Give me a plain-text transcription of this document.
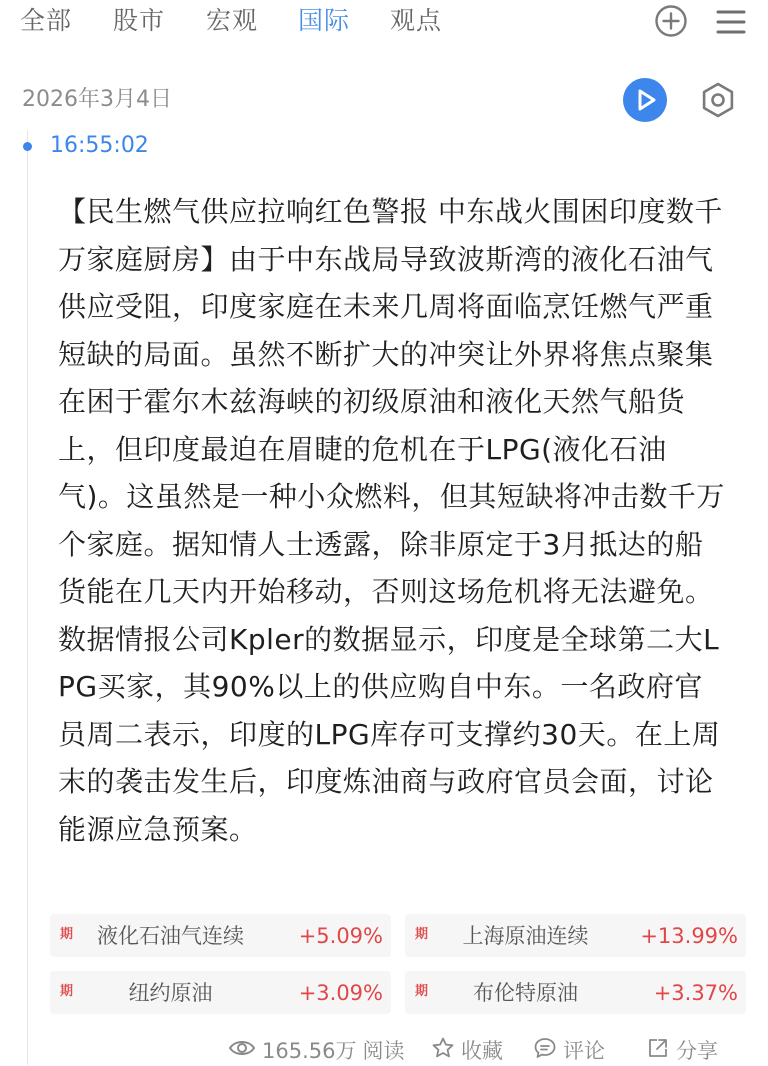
全部 股市 宏观 国际 观点
2026年3月4日
16:55:02
【民生燃气供应拉响红色警报 中东战火围困印度数千万家庭厨房】由于中东战局导致波斯湾的液化石油气供应受阻，印度家庭在未来几周将面临烹饪燃气严重短缺的局面。虽然不断扩大的冲突让外界将焦点聚集在困于霍尔木兹海峡的初级原油和液化天然气船货上，但印度最迫在眉睫的危机在于LPG(液化石油气)。这虽然是一种小众燃料，但其短缺将冲击数千万个家庭。据知情人士透露，除非原定于3月抵达的船货能在几天内开始移动，否则这场危机将无法避免。数据情报公司Kpler的数据显示，印度是全球第二大LPG买家，其90%以上的供应购自中东。一名政府官员周二表示，印度的LPG库存可支撑约30天。在上周末的袭击发生后，印度炼油商与政府官员会面，讨论能源应急预案。
期	液化石油气连续	+5.09% 期	上海原油连续	+13.99%
期	纽约原油	+3.09% 期	布伦特原油	+3.37%
165.56万 阅读	收藏	评论	分享
